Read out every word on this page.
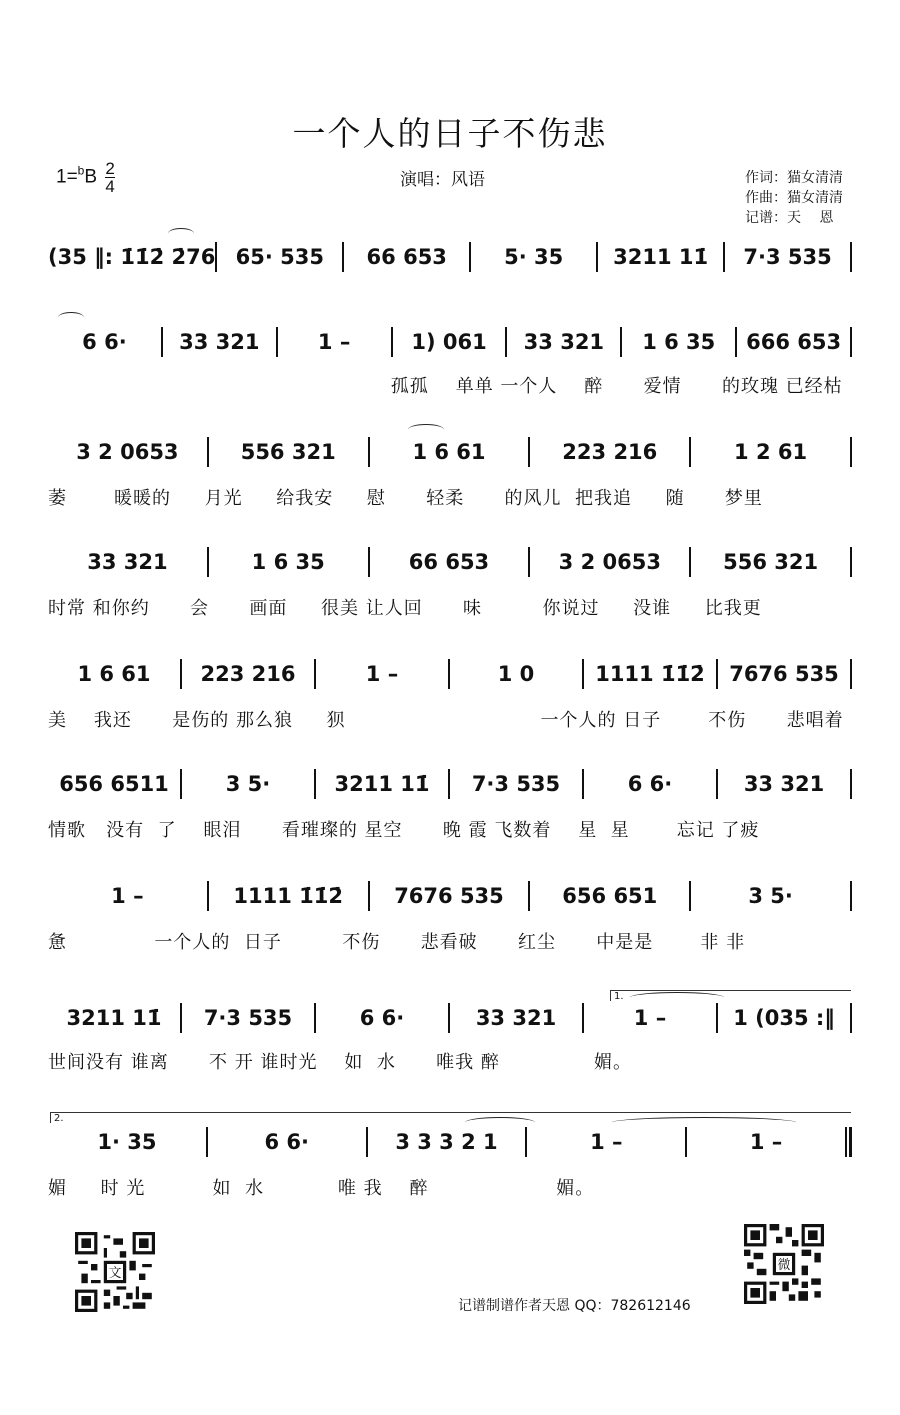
一个人的日子不伤悲
$1=^bB \frac{2}{4}$	演唱：风语	作词：猫女清清
作曲：猫女清清
记谱：天　 恩
(35 ‖: 1̇1̇2̇ 2̇76 65· 535	66 653	5· 35	3211 11̇	7·3 535
6 6·	33 321	1 –	1) 061	33 321	1 6 35	666 653
孤孤    单单 一个人    醉      爱情      的玫瑰 已经枯
3 2 0653	556 321	1 6 61	223 216	1 2 61
萎       暖暖的     月光     给我安     慰      轻柔      的风儿  把我追     随      梦里
33 321	1 6 35	66 653	3 2 0653	556 321
时常 和你约      会      画面     很美 让人回      味         你说过     没谁     比我更
1 6 61	223 216	1 –	1 0	1111 1̇1̇2̇	7676 535
美    我还      是伤的 那么狼     狈                             一个人的 日子       不伤      悲唱着
656 6511	3 5·	3211 11̇	7·3 535	6 6·	33 321
情歌   没有  了    眼泪      看璀璨的 星空      晚 霞 飞数着    星  星       忘记 了疲
1 –	1111 1̇1̇2̇	7676 535	656 651	3 5·
惫             一个人的  日子         不伤      悲看破      红尘      中是是       非 非
3211 11̇	7·3 535	6 6·	33 321	1 –	1 (035 :‖
世间没有 谁离      不 开 谁时光    如  水      唯我 醉              媚。
1· 35	6 6·	3 3 3 2 1	1 –	1 –
媚     时 光          如  水           唯 我    醉                   媚。
1.
2.
文
微
记谱制谱作者天恩 QQ：782612146
